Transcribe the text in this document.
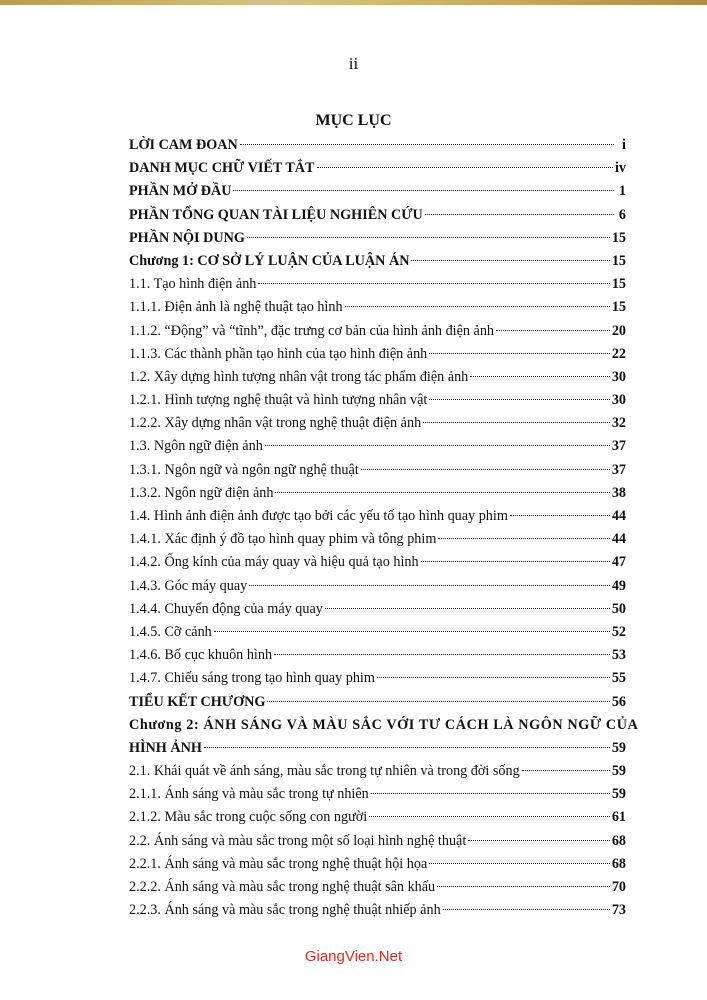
ii
MỤC LỤC
LỜI CAM ĐOAN	i
DANH MỤC CHỮ VIẾT TẮT	iv
PHẦN MỞ ĐẦU	1
PHẦN TỔNG QUAN TÀI LIỆU NGHIÊN CỨU	6
PHẦN NỘI DUNG	15
Chương 1: CƠ SỞ LÝ LUẬN CỦA LUẬN ÁN	15
1.1. Tạo hình điện ảnh	15
1.1.1. Điện ảnh là nghệ thuật tạo hình	15
1.1.2. “Động” và “tĩnh”, đặc trưng cơ bản của hình ảnh điện ảnh	20
1.1.3. Các thành phần tạo hình của tạo hình điện ảnh	22
1.2. Xây dựng hình tượng nhân vật trong tác phẩm điện ảnh	30
1.2.1. Hình tượng nghệ thuật và hình tượng nhân vật	30
1.2.2. Xây dựng nhân vật trong nghệ thuật điện ảnh	32
1.3. Ngôn ngữ điện ảnh	37
1.3.1. Ngôn ngữ và ngôn ngữ nghệ thuật	37
1.3.2. Ngôn ngữ điện ảnh	38
1.4. Hình ảnh điện ảnh được tạo bởi các yếu tố tạo hình quay phim	44
1.4.1. Xác định ý đồ tạo hình quay phim và tông phim	44
1.4.2. Ống kính của máy quay và hiệu quả tạo hình	47
1.4.3. Góc máy quay	49
1.4.4. Chuyển động của máy quay	50
1.4.5. Cỡ cảnh	52
1.4.6. Bố cục khuôn hình	53
1.4.7. Chiếu sáng trong tạo hình quay phim	55
TIỂU KẾT CHƯƠNG	56
Chương 2: ÁNH SÁNG VÀ MÀU SẮC VỚI TƯ CÁCH LÀ NGÔN NGỮ CỦA
HÌNH ẢNH	59
2.1. Khái quát về ánh sáng, màu sắc trong tự nhiên và trong đời sống	59
2.1.1. Ánh sáng và màu sắc trong tự nhiên	59
2.1.2. Màu sắc trong cuộc sống con người	61
2.2. Ánh sáng và màu sắc trong một số loại hình nghệ thuật	68
2.2.1. Ánh sáng và màu sắc trong nghệ thuật hội họa	68
2.2.2. Ánh sáng và màu sắc trong nghệ thuật sân khấu	70
2.2.3. Ánh sáng và màu sắc trong nghệ thuật nhiếp ảnh	73
GiangVien.Net
